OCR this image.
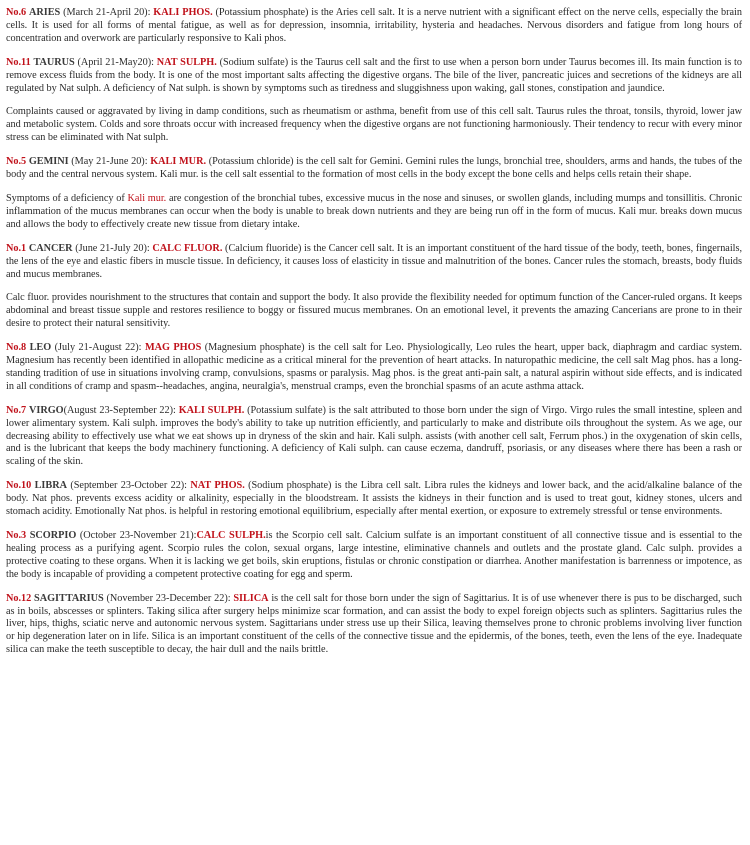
No.6 ARIES (March 21-April 20): KALI PHOS. (Potassium phosphate) is the Aries cell salt. It is a nerve nutrient with a significant effect on the nerve cells, especially the brain cells. It is used for all forms of mental fatigue, as well as for depression, insomnia, irritability, hysteria and headaches. Nervous disorders and fatigue from long hours of concentration and overwork are particularly responsive to Kali phos.

No.11 TAURUS (April 21-May20): NAT SULPH. (Sodium sulfate) is the Taurus cell salt and the first to use when a person born under Taurus becomes ill. Its main function is to remove excess fluids from the body. It is one of the most important salts affecting the digestive organs. The bile of the liver, pancreatic juices and secretions of the kidneys are all regulated by Nat sulph. A deficiency of Nat sulph. is shown by symptoms such as tiredness and sluggishness upon waking, gall stones, constipation and jaundice.

Complaints caused or aggravated by living in damp conditions, such as rheumatism or asthma, benefit from use of this cell salt. Taurus rules the throat, tonsils, thyroid, lower jaw and metabolic system. Colds and sore throats occur with increased frequency when the digestive organs are not functioning harmoniously. Their tendency to recur with every minor stress can be eliminated with Nat sulph.

No.5 GEMINI (May 21-June 20): KALI MUR. (Potassium chloride) is the cell salt for Gemini. Gemini rules the lungs, bronchial tree, shoulders, arms and hands, the tubes of the body and the central nervous system. Kali mur. is the cell salt essential to the formation of most cells in the body except the bone cells and helps cells retain their shape.

Symptoms of a deficiency of Kali mur. are congestion of the bronchial tubes, excessive mucus in the nose and sinuses, or swollen glands, including mumps and tonsillitis. Chronic inflammation of the mucus membranes can occur when the body is unable to break down nutrients and they are being run off in the form of mucus. Kali mur. breaks down mucus and allows the body to effectively create new tissue from dietary intake.

No.1 CANCER (June 21-July 20): CALC FLUOR. (Calcium fluoride) is the Cancer cell salt. It is an important constituent of the hard tissue of the body, teeth, bones, fingernails, the lens of the eye and elastic fibers in muscle tissue. In deficiency, it causes loss of elasticity in tissue and malnutrition of the bones. Cancer rules the stomach, breasts, body fluids and mucus membranes.

Calc fluor. provides nourishment to the structures that contain and support the body. It also provide the flexibility needed for optimum function of the Cancer-ruled organs. It keeps abdominal and breast tissue supple and restores resilience to boggy or fissured mucus membranes. On an emotional level, it prevents the amazing Cancerians are prone to in their desire to protect their natural sensitivity.

No.8 LEO (July 21-August 22): MAG PHOS (Magnesium phosphate) is the cell salt for Leo. Physiologically, Leo rules the heart, upper back, diaphragm and cardiac system. Magnesium has recently been identified in allopathic medicine as a critical mineral for the prevention of heart attacks. In naturopathic medicine, the cell salt Mag phos. has a long-standing tradition of use in situations involving cramp, convulsions, spasms or paralysis. Mag phos. is the great anti-pain salt, a natural aspirin without side effects, and is indicated in all conditions of cramp and spasm--headaches, angina, neuralgia's, menstrual cramps, even the bronchial spasms of an acute asthma attack.

No.7 VIRGO(August 23-September 22): KALI SULPH. (Potassium sulfate) is the salt attributed to those born under the sign of Virgo. Virgo rules the small intestine, spleen and lower alimentary system. Kali sulph. improves the body's ability to take up nutrition efficiently, and particularly to make and distribute oils throughout the system. As we age, our decreasing ability to effectively use what we eat shows up in dryness of the skin and hair. Kali sulph. assists (with another cell salt, Ferrum phos.) in the oxygenation of skin cells, and is the lubricant that keeps the body machinery functioning. A deficiency of Kali sulph. can cause eczema, dandruff, psoriasis, or any diseases where there has been a rash or scaling of the skin.

No.10 LIBRA (September 23-October 22): NAT PHOS. (Sodium phosphate) is the Libra cell salt. Libra rules the kidneys and lower back, and the acid/alkaline balance of the body. Nat phos. prevents excess acidity or alkalinity, especially in the bloodstream. It assists the kidneys in their function and is used to treat gout, kidney stones, ulcers and stomach acidity. Emotionally Nat phos. is helpful in restoring emotional equilibrium, especially after mental exertion, or exposure to extremely stressful or tense environments.

No.3 SCORPIO (October 23-November 21):CALC SULPH.is the Scorpio cell salt. Calcium sulfate is an important constituent of all connective tissue and is essential to the healing process as a purifying agent. Scorpio rules the colon, sexual organs, large intestine, eliminative channels and outlets and the prostate gland. Calc sulph. provides a protective coating to these organs. When it is lacking we get boils, skin eruptions, fistulas or chronic constipation or diarrhea. Another manifestation is barrenness or impotence, as the body is incapable of providing a competent protective coating for egg and sperm.

No.12 SAGITTARIUS (November 23-December 22): SILICA is the cell salt for those born under the sign of Sagittarius. It is of use whenever there is pus to be discharged, such as in boils, abscesses or splinters. Taking silica after surgery helps minimize scar formation, and can assist the body to expel foreign objects such as splinters. Sagittarius rules the liver, hips, thighs, sciatic nerve and autonomic nervous system. Sagittarians under stress use up their Silica, leaving themselves prone to chronic problems involving liver function or hip degeneration later on in life. Silica is an important constituent of the cells of the connective tissue and the epidermis, of the bones, teeth, even the lens of the eye. Inadequate silica can make the teeth susceptible to decay, the hair dull and the nails brittle.
